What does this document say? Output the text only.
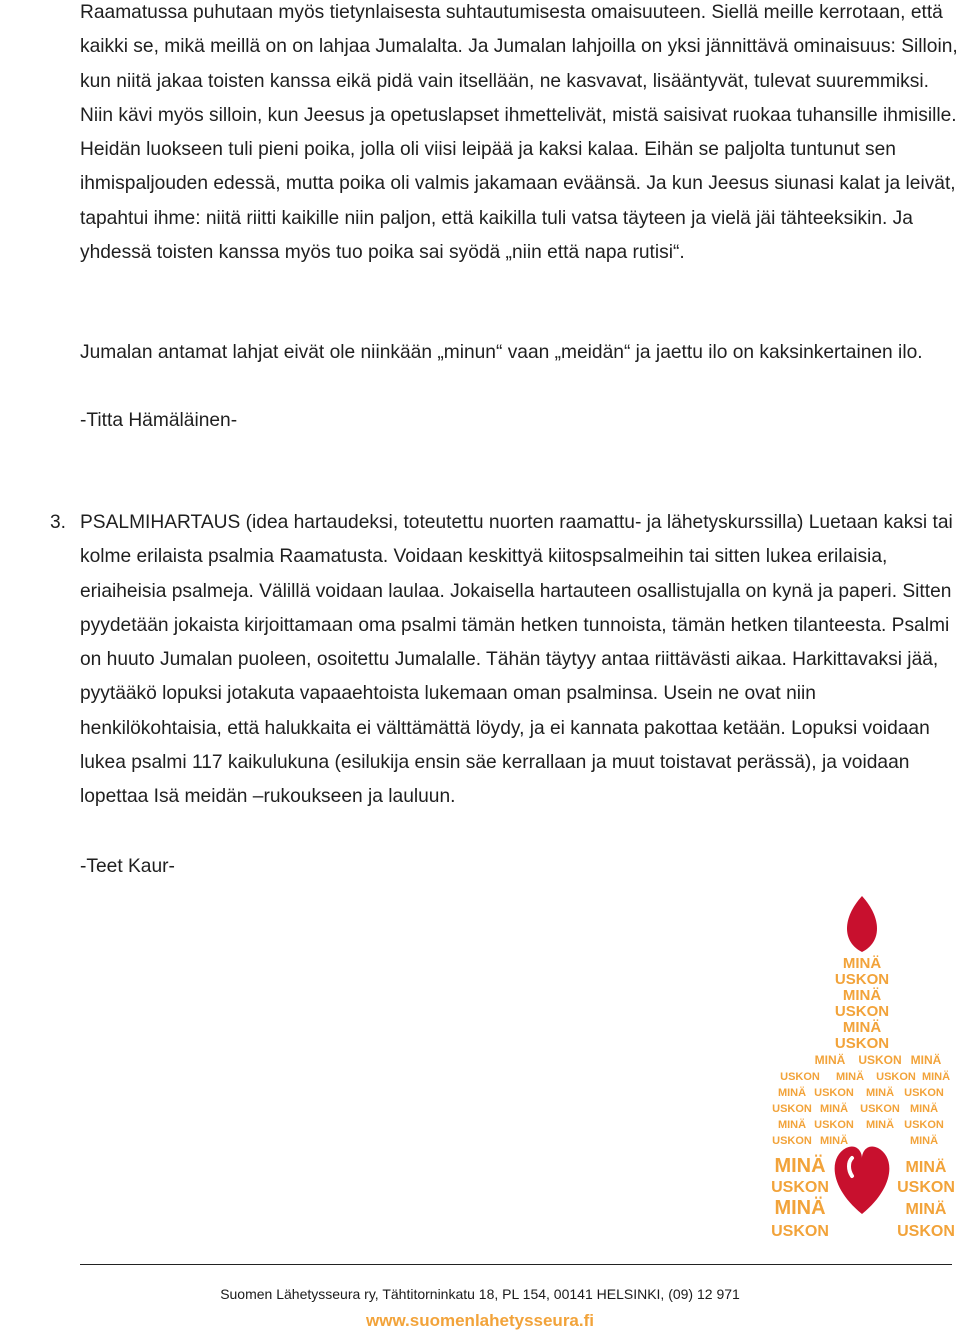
Raamatussa puhutaan myös tietynlaisesta suhtautumisesta omaisuuteen. Siellä meille kerrotaan, että kaikki se, mikä meillä on on lahjaa Jumalalta. Ja Jumalan lahjoilla on yksi jännittävä ominaisuus: Silloin, kun niitä jakaa toisten kanssa eikä pidä vain itsellään, ne kasvavat, lisääntyvät, tulevat suuremmiksi. Niin kävi myös silloin, kun Jeesus ja opetuslapset ihmettelivät, mistä saisivat ruokaa tuhansille ihmisille. Heidän luokseen tuli pieni poika, jolla oli viisi leipää ja kaksi kalaa. Eihän se paljolta tuntunut sen ihmispaljouden edessä, mutta poika oli valmis jakamaan eväänsä. Ja kun Jeesus siunasi kalat ja leivät, tapahtui ihme: niitä riitti kaikille niin paljon, että kaikilla tuli vatsa täyteen ja vielä jäi tähteeksikin. Ja yhdessä toisten kanssa myös tuo poika sai syödä „niin että napa rutisi“.

Jumalan antamat lahjat eivät ole niinkään „minun“ vaan „meidän“ ja jaettu ilo on kaksinkertainen ilo.

-Titta Hämäläinen-

3. PSALMIHARTAUS (idea hartaudeksi, toteutettu nuorten raamattu- ja lähetyskurssilla) Luetaan kaksi tai kolme erilaista psalmia Raamatusta. Voidaan keskittyä kiitospsalmeihin tai sitten lukea erilaisia, eriaiheisia psalmeja. Välillä voidaan laulaa. Jokaisella hartauteen osallistujalla on kynä ja paperi. Sitten pyydetään jokaista kirjoittamaan oma psalmi tämän hetken tunnoista, tämän hetken tilanteesta. Psalmi on huuto Jumalan puoleen, osoitettu Jumalalle. Tähän täytyy antaa riittävästi aikaa. Harkittavaksi jää, pyytääkö lopuksi jotakuta vapaaehtoista lukemaan oman psalminsa. Usein ne ovat niin henkilökohtaisia, että halukkaita ei välttämättä löydy, ja ei kannata pakottaa ketään. Lopuksi voidaan lukea psalmi 117 kaikulukuna (esilukija ensin säe kerrallaan ja muut toistavat perässä), ja voidaan lopettaa Isä meidän –rukoukseen ja lauluun.

-Teet Kaur-

MINÄ
USKON
MINÄ
USKON
MINÄ
USKON
MINÄ USKON MINÄ
USKON MINÄ USKON MINÄ
MINÄ USKON MINÄ USKON
USKON MINÄ USKON MINÄ
MINÄ USKON MINÄ USKON
USKON MINÄ	MINÄ
MINÄ
USKON
MINÄ
USKON
MINÄ
USKON
MINÄ
USKON
Suomen Lähetysseura ry, Tähtitorninkatu 18, PL 154, 00141 HELSINKI, (09) 12 971
www.suomenlahetysseura.fi
